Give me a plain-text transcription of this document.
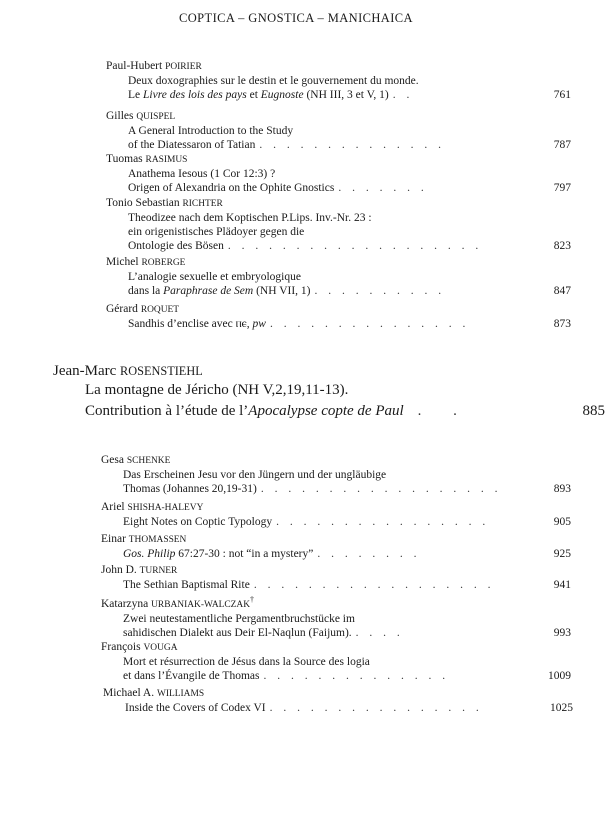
COPTICA – GNOSTICA – MANICHAICA
Paul-Hubert POIRIER
Deux doxographies sur le destin et le gouvernement du monde.
Le Livre des lois des pays et Eugnoste (NH III, 3 et V, 1) . .	761
Gilles QUISPEL
A General Introduction to the Study
of the Diatessaron of Tatian . . . . . . . . . . . . . .	787
Tuomas RASIMUS
Anathema Iesous (1 Cor 12:3) ?
Origen of Alexandria on the Ophite Gnostics . . . . . . .	797
Tonio Sebastian RICHTER
Theodizee nach dem Koptischen P.Lips. Inv.-Nr. 23 :
ein origenistisches Plädoyer gegen die
Ontologie des Bösen . . . . . . . . . . . . . . . . . . .	823
Michel ROBERGE
L’analogie sexuelle et embryologique
dans la Paraphrase de Sem (NH VII, 1) . . . . . . . . . .	847
Gérard ROQUET
Sandhis d’enclise avec ⲡⲉ, pw . . . . . . . . . . . . . . .	873
Jean-Marc ROSENSTIEHL
La montagne de Jéricho (NH V,2,19,11-13).
Contribution à l’étude de l’Apocalypse copte de Paul . .	885
Gesa SCHENKE
Das Erscheinen Jesu vor den Jüngern und der ungläubige
Thomas (Johannes 20,19-31) . . . . . . . . . . . . . . . . . .	893
Ariel SHISHA-HALEVY
Eight Notes on Coptic Typology . . . . . . . . . . . . . . . .	905
Einar THOMASSEN
Gos. Philip 67:27-30 : not “in a mystery” . . . . . . . .	925
John D. TURNER
The Sethian Baptismal Rite . . . . . . . . . . . . . . . . . .	941
Katarzyna URBANIAK-WALCZAK†
Zwei neutestamentliche Pergamentbruchstücke im
sahidischen Dialekt aus Deir El-Naqlun (Faijum). . . . .	993
François VOUGA
Mort et résurrection de Jésus dans la Source des logia
et dans l’Évangile de Thomas . . . . . . . . . . . . . .	1009
Michael A. WILLIAMS
Inside the Covers of Codex VI . . . . . . . . . . . . . . . .	1025
